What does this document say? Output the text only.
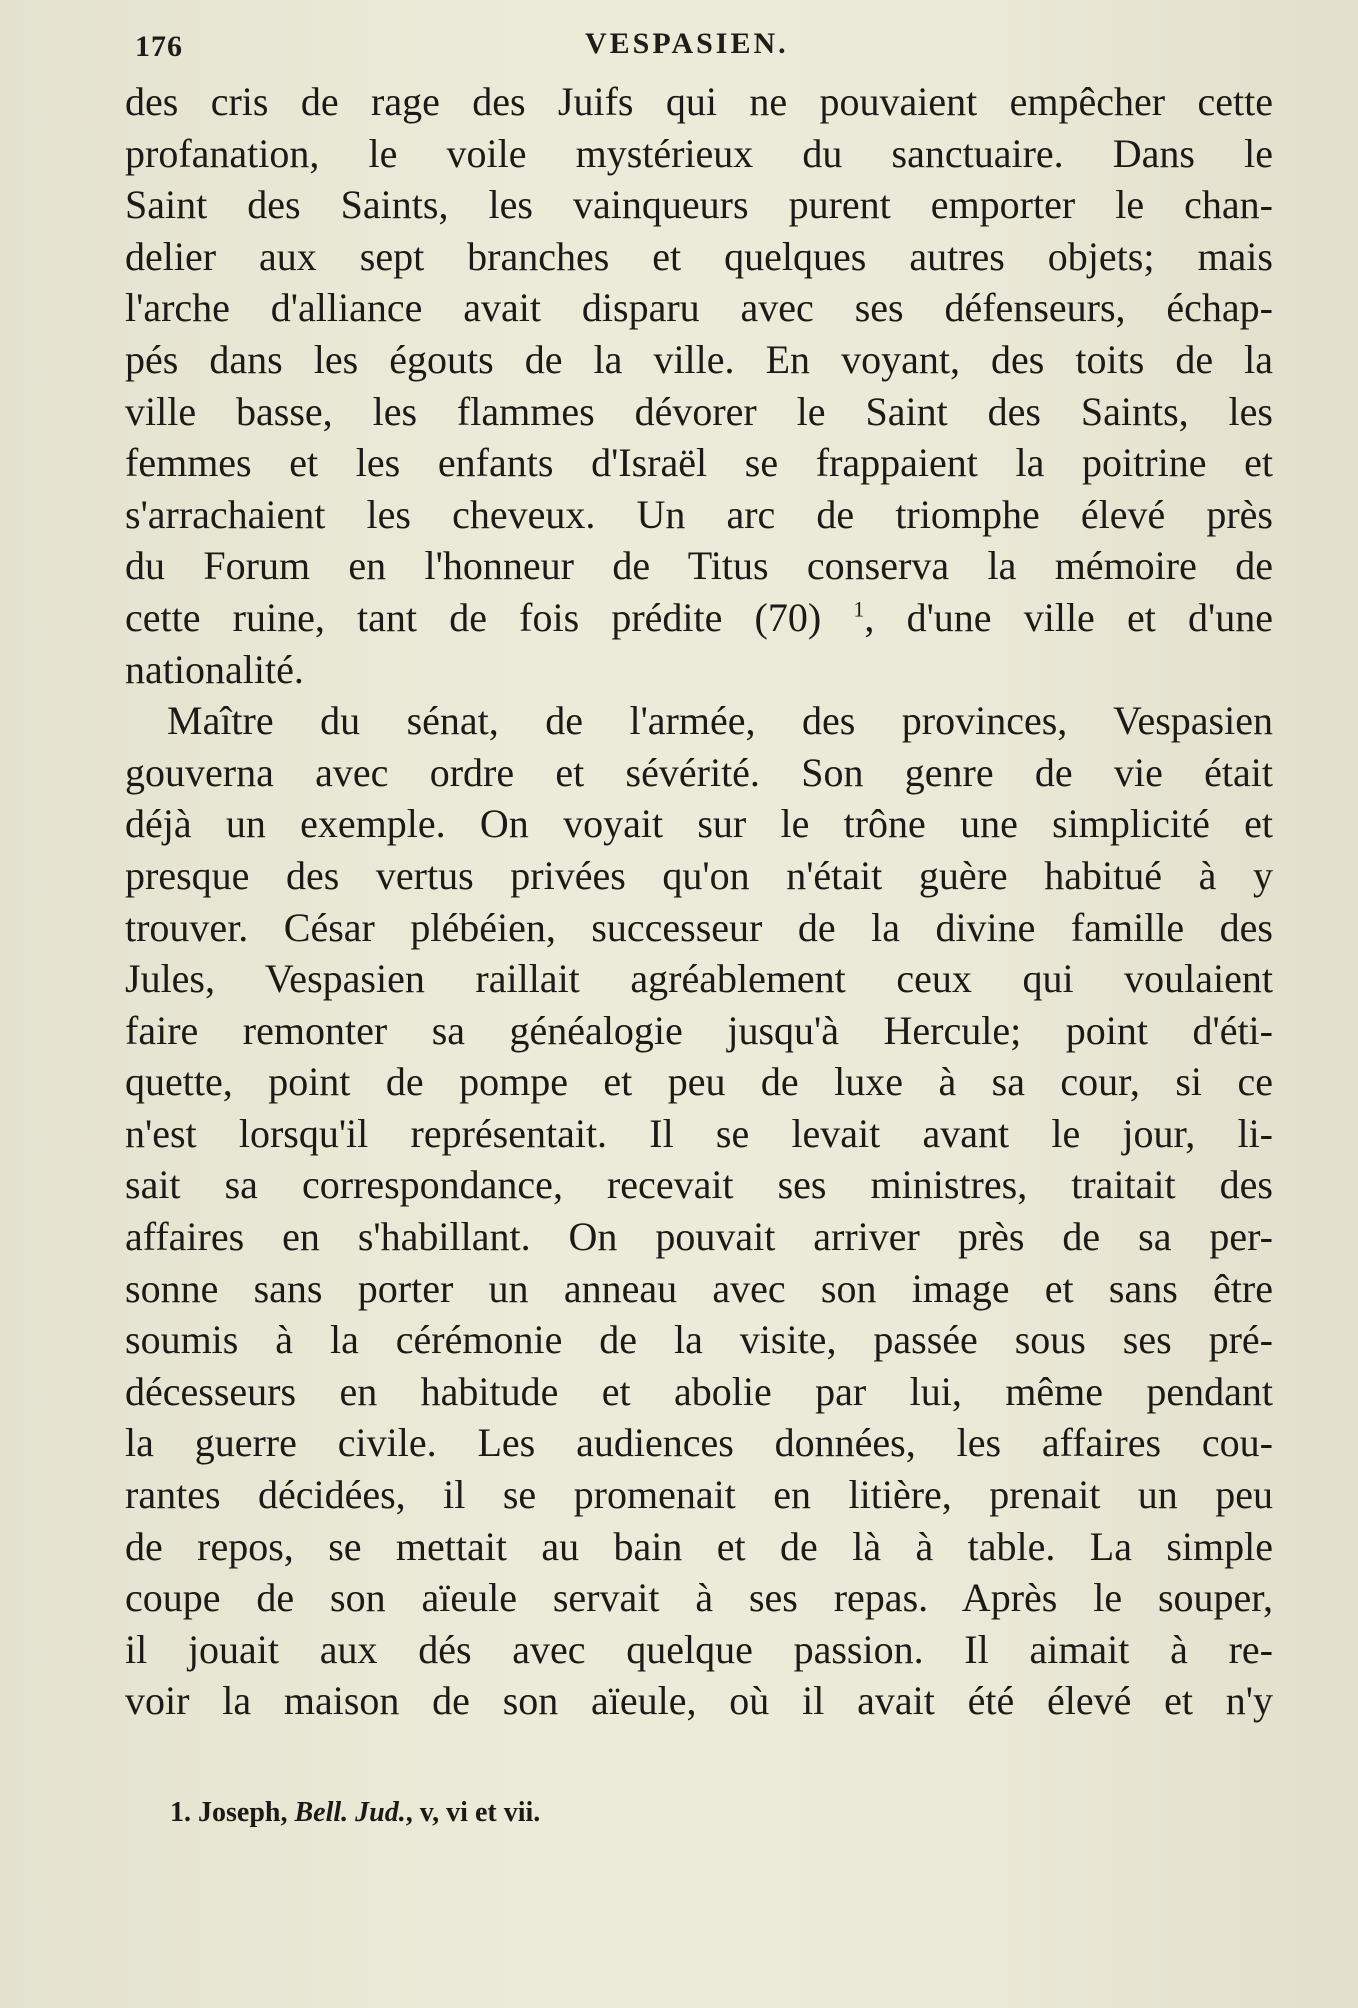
176	VESPASIEN.
des cris de rage des Juifs qui ne pouvaient empêcher cette
profanation, le voile mystérieux du sanctuaire. Dans le
Saint des Saints, les vainqueurs purent emporter le chan-
delier aux sept branches et quelques autres objets; mais
l'arche d'alliance avait disparu avec ses défenseurs, échap-
pés dans les égouts de la ville. En voyant, des toits de la
ville basse, les flammes dévorer le Saint des Saints, les
femmes et les enfants d'Israël se frappaient la poitrine et
s'arrachaient les cheveux. Un arc de triomphe élevé près
du Forum en l'honneur de Titus conserva la mémoire de
cette ruine, tant de fois prédite (70) $^1$, d'une ville et d'une
nationalité.
Maître du sénat, de l'armée, des provinces, Vespasien
gouverna avec ordre et sévérité. Son genre de vie était
déjà un exemple. On voyait sur le trône une simplicité et
presque des vertus privées qu'on n'était guère habitué à y
trouver. César plébéien, successeur de la divine famille des
Jules, Vespasien raillait agréablement ceux qui voulaient
faire remonter sa généalogie jusqu'à Hercule; point d'éti-
quette, point de pompe et peu de luxe à sa cour, si ce
n'est lorsqu'il représentait. Il se levait avant le jour, li-
sait sa correspondance, recevait ses ministres, traitait des
affaires en s'habillant. On pouvait arriver près de sa per-
sonne sans porter un anneau avec son image et sans être
soumis à la cérémonie de la visite, passée sous ses pré-
décesseurs en habitude et abolie par lui, même pendant
la guerre civile. Les audiences données, les affaires cou-
rantes décidées, il se promenait en litière, prenait un peu
de repos, se mettait au bain et de là à table. La simple
coupe de son aïeule servait à ses repas. Après le souper,
il jouait aux dés avec quelque passion. Il aimait à re-
voir la maison de son aïeule, où il avait été élevé et n'y
1. Joseph, Bell. Jud., v, vi et vii.
